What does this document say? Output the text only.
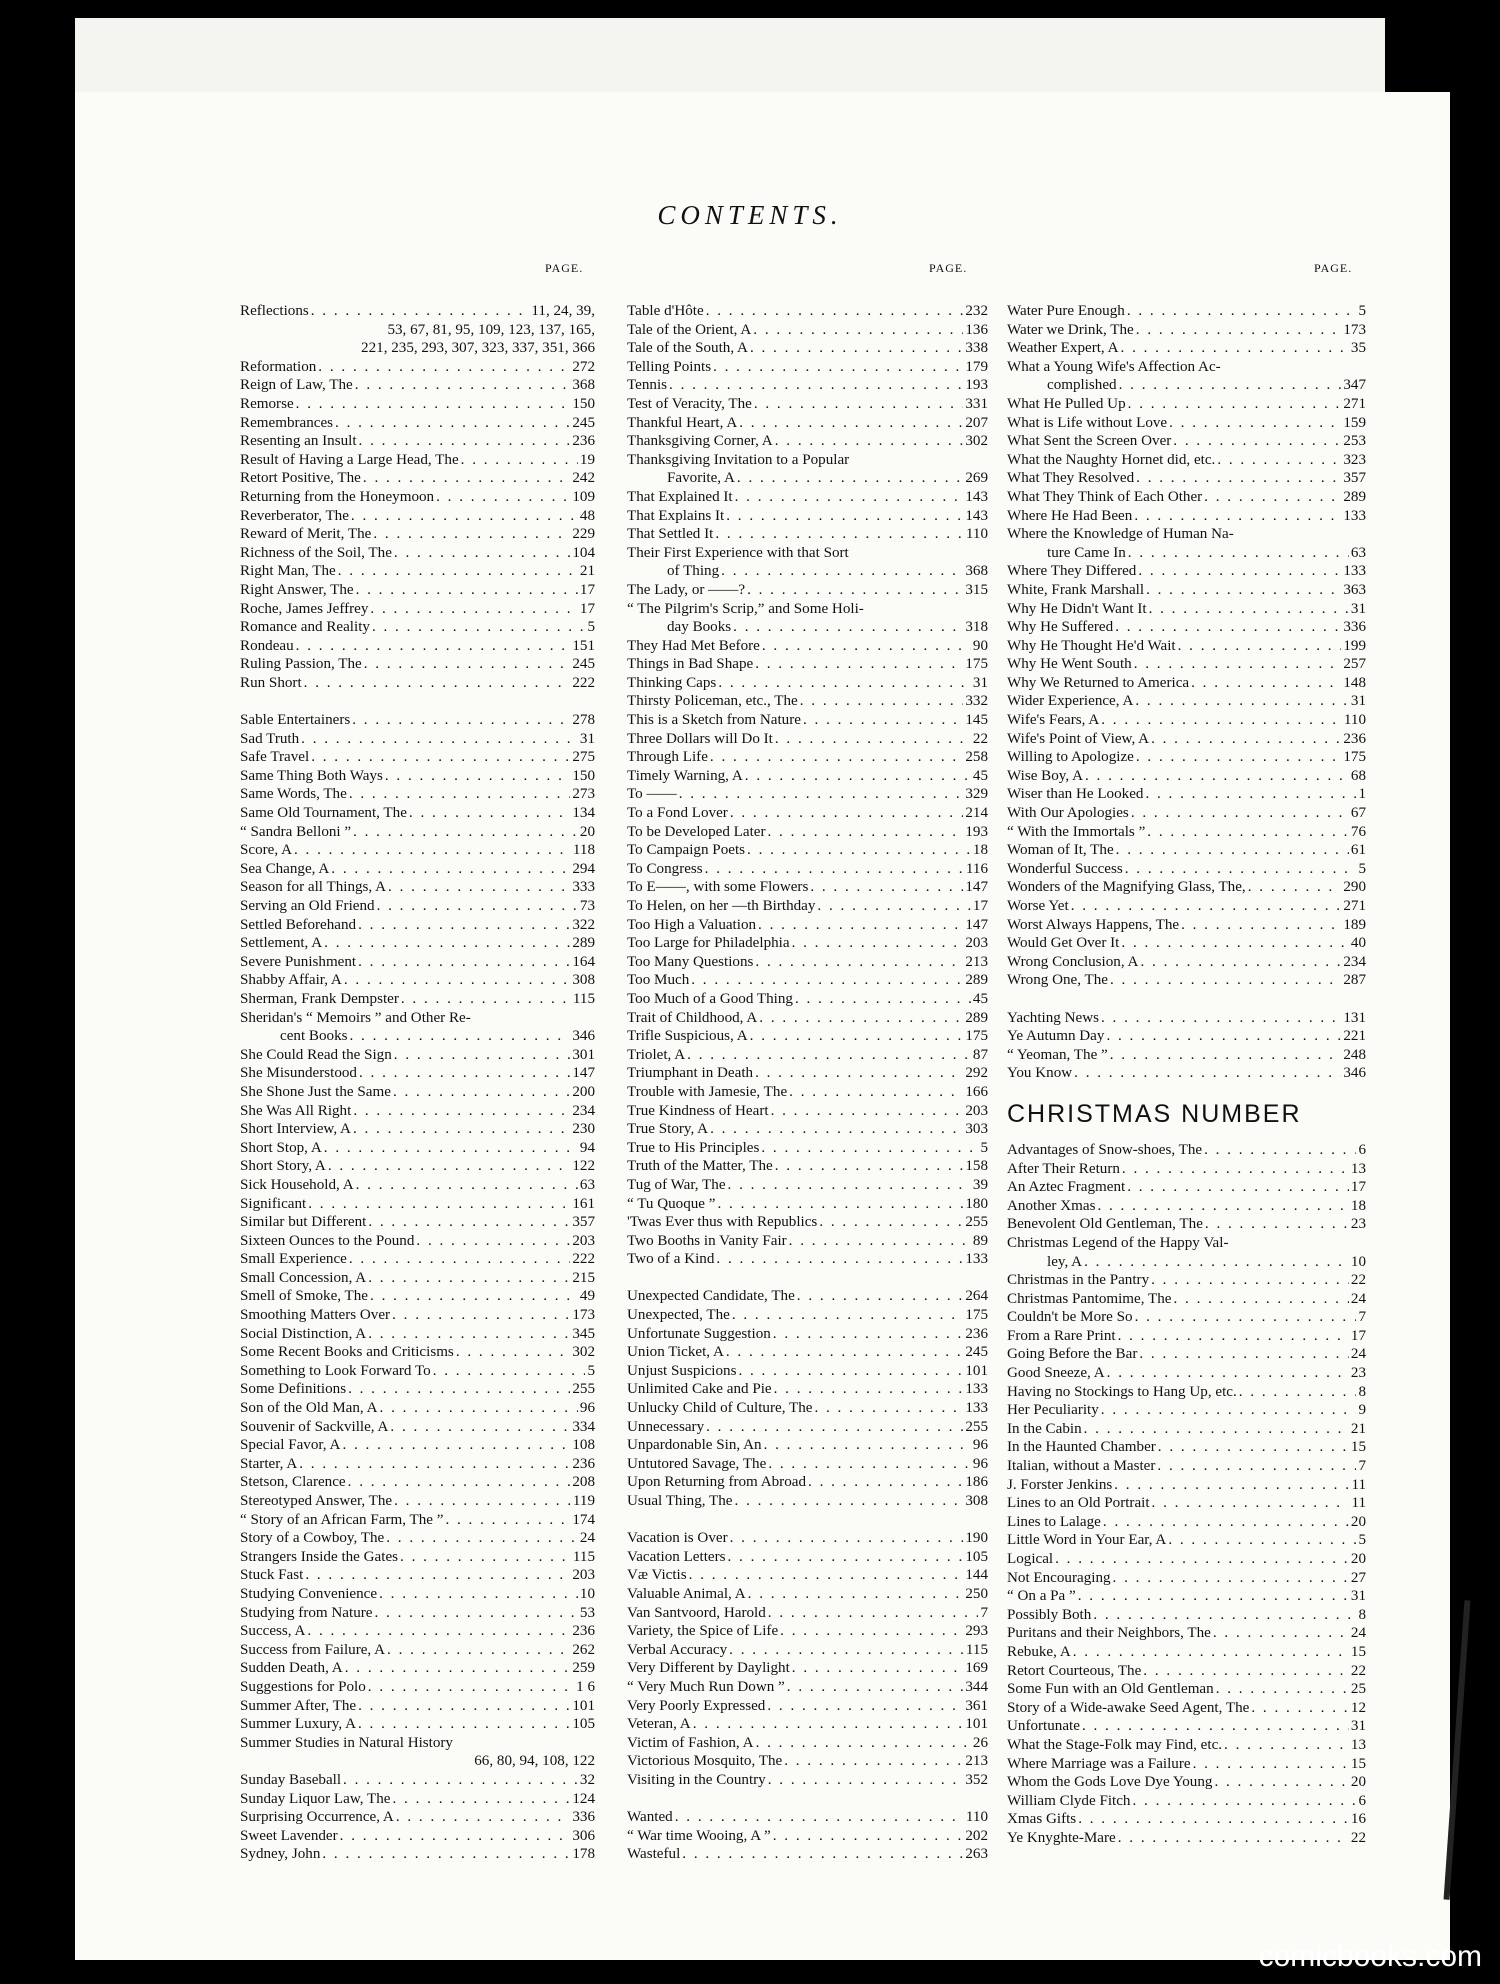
CONTENTS.
PAGE.	PAGE.	PAGE.
Reflections . . .	11, 24, 39,
53, 67, 81, 95, 109, 123, 137, 165,
221, 235, 293, 307, 323, 337, 351, 366
Reformation . . .	272
Reign of Law, The . . .	368
Remorse . . .	150
Remembrances . . .	245
Resenting an Insult . . .	236
Result of Having a Large Head, The . . .	19
Retort Positive, The . . .	242
Returning from the Honeymoon . . .	109
Reverberator, The . . .	48
Reward of Merit, The . . .	229
Richness of the Soil, The . . .	104
Right Man, The . . .	21
Right Answer, The . . .	17
Roche, James Jeffrey . . .	17
Romance and Reality . . .	5
Rondeau . . .	151
Ruling Passion, The . . .	245
Run Short . . .	222
Sable Entertainers . . .	278
Sad Truth . . .	31
Safe Travel . . .	275
Same Thing Both Ways . . .	150
Same Words, The . . .	273
Same Old Tournament, The . . .	134
“ Sandra Belloni ” . . .	20
Score, A . . .	118
Sea Change, A . . .	294
Season for all Things, A . . .	333
Serving an Old Friend . . .	73
Settled Beforehand . . .	322
Settlement, A . . .	289
Severe Punishment . . .	164
Shabby Affair, A . . .	308
Sherman, Frank Dempster . . .	115
Sheridan's “ Memoirs ” and Other Re-
cent Books . . .	346
She Could Read the Sign . . .	301
She Misunderstood . . .	147
She Shone Just the Same . . .	200
She Was All Right . . .	234
Short Interview, A . . .	230
Short Stop, A . . .	94
Short Story, A . . .	122
Sick Household, A . . .	63
Significant . . .	161
Similar but Different . . .	357
Sixteen Ounces to the Pound . . .	203
Small Experience . . .	222
Small Concession, A . . .	215
Smell of Smoke, The . . .	49
Smoothing Matters Over . . .	173
Social Distinction, A . . .	345
Some Recent Books and Criticisms . . .	302
Something to Look Forward To . . .	5
Some Definitions . . .	255
Son of the Old Man, A . . .	96
Souvenir of Sackville, A . . .	334
Special Favor, A . . .	108
Starter, A . . .	236
Stetson, Clarence . . .	208
Stereotyped Answer, The . . .	119
“ Story of an African Farm, The ” . . .	174
Story of a Cowboy, The . . .	24
Strangers Inside the Gates . . .	115
Stuck Fast . . .	203
Studying Convenience . . .	10
Studying from Nature . . .	53
Success, A . . .	236
Success from Failure, A . . .	262
Sudden Death, A . . .	259
Suggestions for Polo . . .	1 6
Summer After, The . . .	101
Summer Luxury, A . . .	105
Summer Studies in Natural History
66, 80, 94, 108, 122
Sunday Baseball . . .	32
Sunday Liquor Law, The . . .	124
Surprising Occurrence, A . . .	336
Sweet Lavender . . .	306
Sydney, John . . .	178
Table d'Hôte . . .	232
Tale of the Orient, A . . .	136
Tale of the South, A . . .	338
Telling Points . . .	179
Tennis . . .	193
Test of Veracity, The . . .	331
Thankful Heart, A . . .	207
Thanksgiving Corner, A . . .	302
Thanksgiving Invitation to a Popular
Favorite, A . . .	269
That Explained It . . .	143
That Explains It . . .	143
That Settled It . . .	110
Their First Experience with that Sort
of Thing . . .	368
The Lady, or ——? . . .	315
“ The Pilgrim's Scrip,” and Some Holi-
day Books . . .	318
They Had Met Before . . .	90
Things in Bad Shape . . .	175
Thinking Caps . . .	31
Thirsty Policeman, etc., The . . .	332
This is a Sketch from Nature . . .	145
Three Dollars will Do It . . .	22
Through Life . . .	258
Timely Warning, A . . .	45
To —— . . .	329
To a Fond Lover . . .	214
To be Developed Later . . .	193
To Campaign Poets . . .	18
To Congress . . .	116
To E——, with some Flowers . . .	147
To Helen, on her —th Birthday . . .	17
Too High a Valuation . . .	147
Too Large for Philadelphia . . .	203
Too Many Questions . . .	213
Too Much . . .	289
Too Much of a Good Thing . . .	45
Trait of Childhood, A . . .	289
Trifle Suspicious, A . . .	175
Triolet, A . . .	87
Triumphant in Death . . .	292
Trouble with Jamesie, The . . .	166
True Kindness of Heart . . .	203
True Story, A . . .	303
True to His Principles . . .	5
Truth of the Matter, The . . .	158
Tug of War, The . . .	39
“ Tu Quoque ” . . .	180
'Twas Ever thus with Republics . . .	255
Two Booths in Vanity Fair . . .	89
Two of a Kind . . .	133
Unexpected Candidate, The . . .	264
Unexpected, The . . .	175
Unfortunate Suggestion . . .	236
Union Ticket, A . . .	245
Unjust Suspicions . . .	101
Unlimited Cake and Pie . . .	133
Unlucky Child of Culture, The . . .	133
Unnecessary . . .	255
Unpardonable Sin, An . . .	96
Untutored Savage, The . . .	96
Upon Returning from Abroad . . .	186
Usual Thing, The . . .	308
Vacation is Over . . .	190
Vacation Letters . . .	105
Væ Victis . . .	144
Valuable Animal, A . . .	250
Van Santvoord, Harold . . .	7
Variety, the Spice of Life . . .	293
Verbal Accuracy . . .	115
Very Different by Daylight . . .	169
“ Very Much Run Down ” . . .	344
Very Poorly Expressed . . .	361
Veteran, A . . .	101
Victim of Fashion, A . . .	26
Victorious Mosquito, The . . .	213
Visiting in the Country . . .	352
Wanted . . .	110
“ War time Wooing, A ” . . .	202
Wasteful . . .	263
Water Pure Enough . . .	5
Water we Drink, The . . .	173
Weather Expert, A . . .	35
What a Young Wife's Affection Ac-
complished . . .	347
What He Pulled Up . . .	271
What is Life without Love . . .	159
What Sent the Screen Over . . .	253
What the Naughty Hornet did, etc. . . .	323
What They Resolved . . .	357
What They Think of Each Other . . .	289
Where He Had Been . . .	133
Where the Knowledge of Human Na-
ture Came In . . .	63
Where They Differed . . .	133
White, Frank Marshall . . .	363
Why He Didn't Want It . . .	31
Why He Suffered . . .	336
Why He Thought He'd Wait . . .	199
Why He Went South . . .	257
Why We Returned to America . . .	148
Wider Experience, A . . .	31
Wife's Fears, A . . .	110
Wife's Point of View, A . . .	236
Willing to Apologize . . .	175
Wise Boy, A . . .	68
Wiser than He Looked . . .	1
With Our Apologies . . .	67
“ With the Immortals ” . . .	76
Woman of It, The . . .	61
Wonderful Success . . .	5
Wonders of the Magnifying Glass, The, . . .	290
Worse Yet . . .	271
Worst Always Happens, The . . .	189
Would Get Over It . . .	40
Wrong Conclusion, A . . .	234
Wrong One, The . . .	287
Yachting News . . .	131
Ye Autumn Day . . .	221
“ Yeoman, The ” . . .	248
You Know . . .	346
CHRISTMAS NUMBER
Advantages of Snow-shoes, The . . .	6
After Their Return . . .	13
An Aztec Fragment . . .	17
Another Xmas . . .	18
Benevolent Old Gentleman, The . . .	23
Christmas Legend of the Happy Val-
ley, A . . .	10
Christmas in the Pantry . . .	22
Christmas Pantomime, The . . .	24
Couldn't be More So . . .	7
From a Rare Print . . .	17
Going Before the Bar . . .	24
Good Sneeze, A . . .	23
Having no Stockings to Hang Up, etc. . . .	8
Her Peculiarity . . .	9
In the Cabin . . .	21
In the Haunted Chamber . . .	15
Italian, without a Master . . .	7
J. Forster Jenkins . . .	11
Lines to an Old Portrait . . .	11
Lines to Lalage . . .	20
Little Word in Your Ear, A . . .	5
Logical . . .	20
Not Encouraging . . .	27
“ On a Pa ” . . .	31
Possibly Both . . .	8
Puritans and their Neighbors, The . . .	24
Rebuke, A . . .	15
Retort Courteous, The . . .	22
Some Fun with an Old Gentleman . . .	25
Story of a Wide-awake Seed Agent, The . . .	12
Unfortunate . . .	31
What the Stage-Folk may Find, etc. . . .	13
Where Marriage was a Failure . . .	15
Whom the Gods Love Dye Young . . .	20
William Clyde Fitch . . .	6
Xmas Gifts . . .	16
Ye Knyghte-Mare . . .	22
comicbooks.com
